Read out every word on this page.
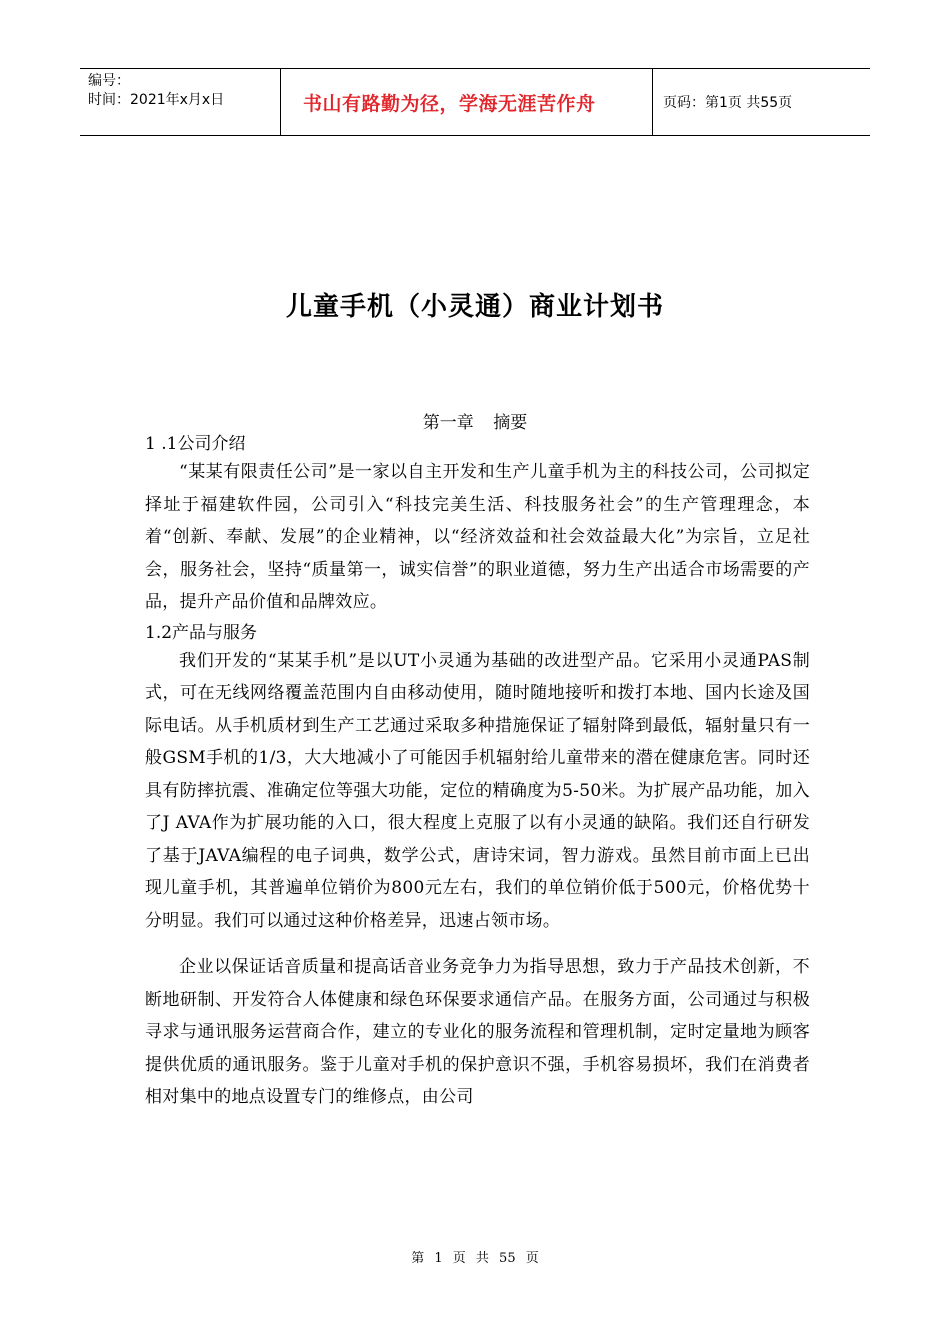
编号：
时间：2021年x月x日	书山有路勤为径，学海无涯苦作舟	页码：第1页 共55页
儿童手机（小灵通）商业计划书
第一章 摘要

1 .1公司介绍

“某某有限责任公司”是一家以自主开发和生产儿童手机为主的科技公司，公司拟定择址于福建软件园，公司引入“科技完美生活、科技服务社会”的生产管理理念，本着“创新、奉献、发展”的企业精神，以“经济效益和社会效益最大化”为宗旨，立足社会，服务社会，坚持“质量第一，诚实信誉”的职业道德，努力生产出适合市场需要的产品，提升产品价值和品牌效应。

1.2产品与服务

我们开发的“某某手机”是以UT小灵通为基础的改进型产品。它采用小灵通PAS制式，可在无线网络覆盖范围内自由移动使用，随时随地接听和拨打本地、国内长途及国际电话。从手机质材到生产工艺通过采取多种措施保证了辐射降到最低，辐射量只有一般GSM手机的1/3，大大地减小了可能因手机辐射给儿童带来的潜在健康危害。同时还具有防摔抗震、准确定位等强大功能，定位的精确度为5-50米。为扩展产品功能，加入了J AVA作为扩展功能的入口，很大程度上克服了以有小灵通的缺陷。我们还自行研发了基于JAVA编程的电子词典，数学公式，唐诗宋词，智力游戏。虽然目前市面上已出现儿童手机，其普遍单位销价为800元左右，我们的单位销价低于500元，价格优势十分明显。我们可以通过这种价格差异，迅速占领市场。

企业以保证话音质量和提高话音业务竞争力为指导思想，致力于产品技术创新，不断地研制、开发符合人体健康和绿色环保要求通信产品。在服务方面，公司通过与积极寻求与通讯服务运营商合作，建立的专业化的服务流程和管理机制，定时定量地为顾客提供优质的通讯服务。鉴于儿童对手机的保护意识不强，手机容易损坏，我们在消费者相对集中的地点设置专门的维修点，由公司

第 1 页 共 55 页
